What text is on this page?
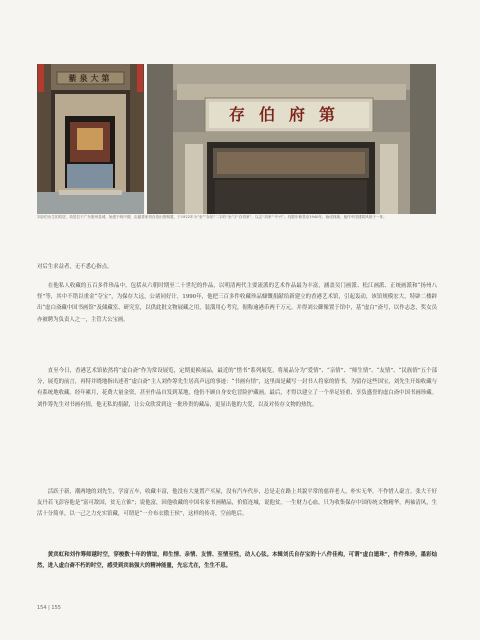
紫泉大第
存伯府第

刘存伯出生的故居，故居位于广东惠州县城，始建于明中期，由慈善家刘存伯出资购置，于1922年为“坐”“存伯”二字的“坐”字“存伯第”，以志“刘家”“中兴”。经数年修葺至1940年，始成现貌，留作中国建筑风格于一体。

对后生求益者，无不悉心指点。

在他私人收藏的五百多件珍品中，包括从六朝时期至二十世纪的作品，以明清两代主要流派的艺术作品最为丰富，涵盖吴门画派、松江画派、正统画派和“扬州八怪”等，其中不错以重金“夺宝”，为保存大远，公诸同好计，1990年，他把三百多件收藏珍品慷慨捐献给新建立的香港艺术馆，引起轰动，该馆规模宏大，特辟二楼辟出“虚白斋藏中国书画馆”及储藏室、研究室，以供此批文物展藏之用，装潢用心考究，据称逾港币两千万元。并得刘公御像置于馆中，基“虚白”斋号，以作志念，奖女员亦被聘为负责人之一，主管大公宝画。

直至今日，香港艺术馆依然将“虚白斋”作为常设展览，定期更换展品，最近的“惜书”系列展览，将展品分为“爱情”、“亲情”、“师生情”、“友情”、“民族情”五个部分，展览的前言，再特并晓地指出述者“虚白斋”主人刘作筹先生居高声远的事迹：“书画有情”，这里面是藏写一封书人将家的情书，为留存这些国宝，刘先生开始收藏与有系统地收藏。经年累月，花费大量金资，甚至作品自发到某地，他仍不顾自身安危冒险护藏画。最后，才得以建立了一个举足轻重、享负盛誉的虚白斋中国书画珍藏。刘作筹先生对书画有情，他无私的捐献，让公众欣赏到这一批珍贵的藏品，更显出他的大爱，以及对传存文物的热忱。

活跃于新，潮两地的刘先生，学富五车，收藏丰富，他没有大量置产买屋，没有汽车代步，总是走在路上其貌平常的慈祥老人，朴实无华，不作惜人豪言。张大千好友丹若飞彭容他是“富可敌国，贫无立锥”；说他富，因他收藏的中国名家书画精品，价值连城，说他贫，一生财力心血，只为收集保存中国传统文物精华，两袖清风，生活十分简单，以一己之力充实馆藏，可谓是“一介布衣傲王侯”，这样的传奇，空前绝后。

黄宾虹和刘作筹师越时空，穿梭数十年的情谊，师生情、亲情、友情、至情至性，动人心弦。本辑刘氏自存宝的十八件佳构，可谓“虚白遗珠”，件件殊珍，墨彩灿然，进入虚白斋不朽的时空，感受到宾翁强大的精神能量，先忘尤在，生生不息。

154 | 155
